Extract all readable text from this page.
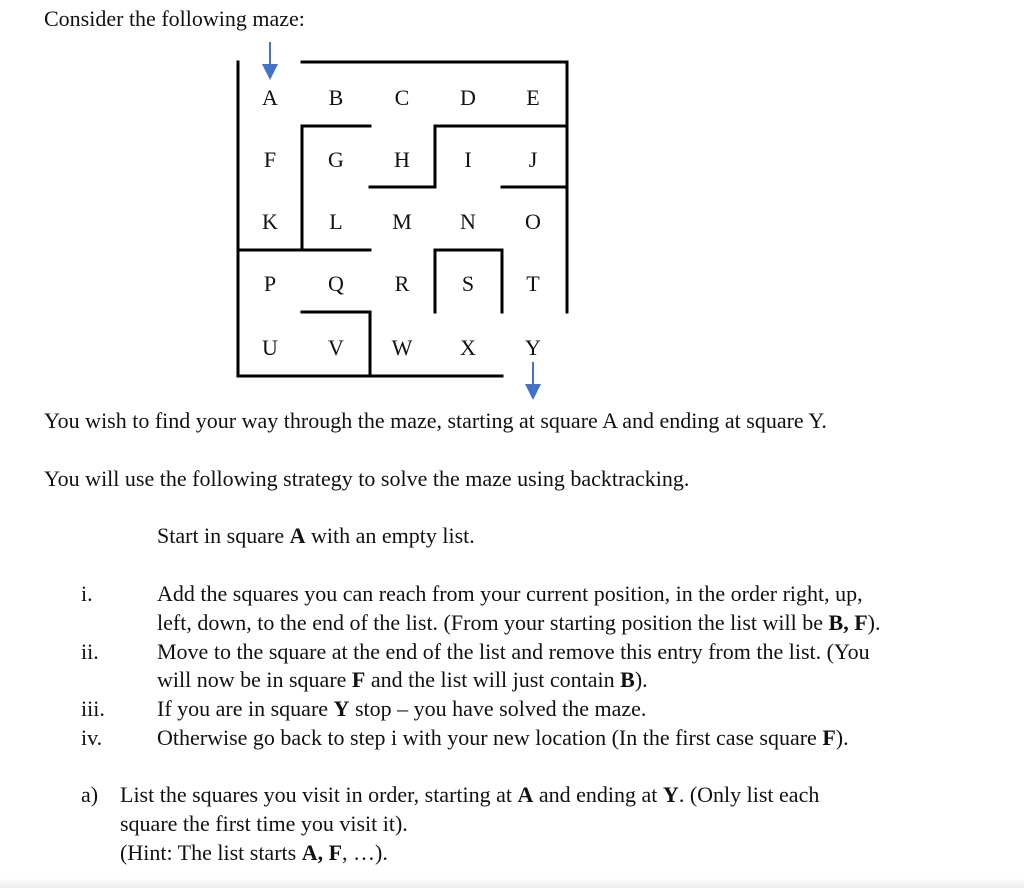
Consider the following maze:
A B C D E
F G H I	J
K L M N O
P Q R S T
U V W X Y
You wish to find your way through the maze, starting at square A and ending at square Y.
You will use the following strategy to solve the maze using backtracking.
Start in square A with an empty list.
i.	Add the squares you can reach from your current position, in the order right, up,
left, down, to the end of the list. (From your starting position the list will be B, F).
ii.	Move to the square at the end of the list and remove this entry from the list. (You
will now be in square F and the list will just contain B).
iii. If you are in square Y stop – you have solved the maze.
iv. Otherwise go back to step i with your new location (In the first case square F).
a) List the squares you visit in order, starting at A and ending at Y. (Only list each
square the first time you visit it).
(Hint: The list starts A, F, …).
